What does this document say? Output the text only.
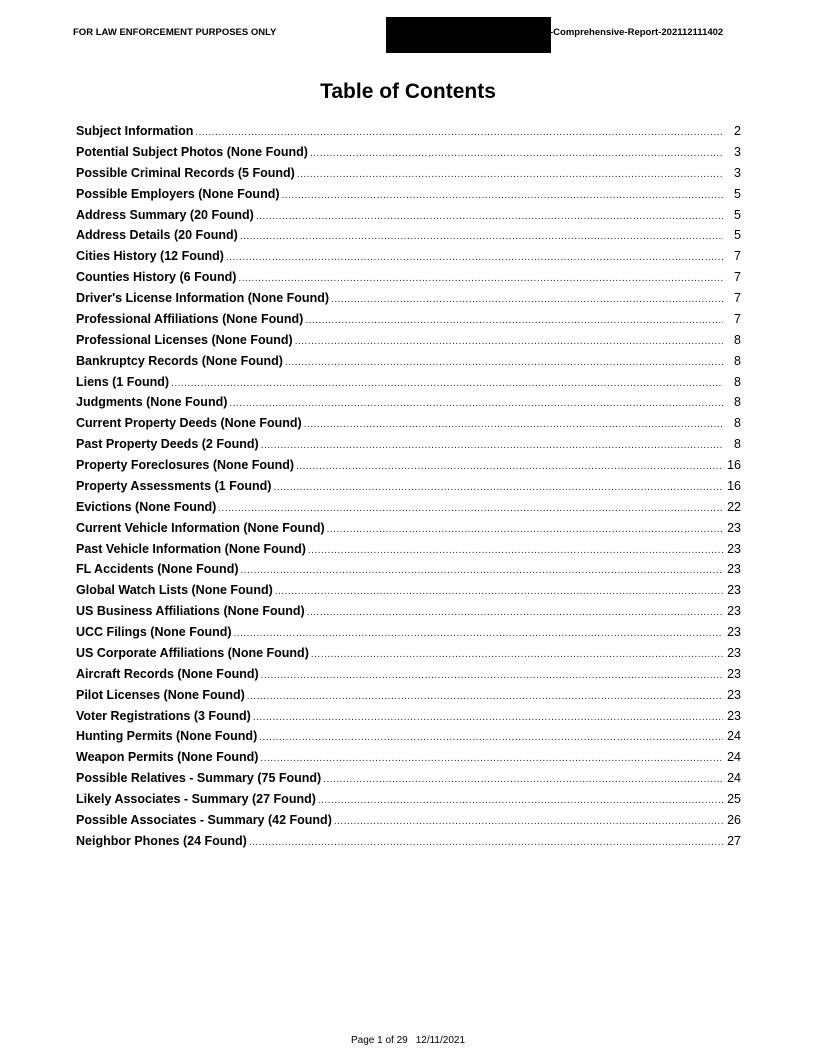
FOR LAW ENFORCEMENT PURPOSES ONLY	-Comprehensive-Report-202112111402
Table of Contents
Subject Information .....	2
Potential Subject Photos (None Found) .....	3
Possible Criminal Records (5 Found) .....	3
Possible Employers (None Found) .....	5
Address Summary (20 Found) .....	5
Address Details (20 Found) .....	5
Cities History (12 Found) .....	7
Counties History (6 Found) .....	7
Driver's License Information (None Found) .....	7
Professional Affiliations (None Found) .....	7
Professional Licenses (None Found) .....	8
Bankruptcy Records (None Found) .....	8
Liens (1 Found) .....	8
Judgments (None Found) .....	8
Current Property Deeds (None Found) .....	8
Past Property Deeds (2 Found) .....	8
Property Foreclosures (None Found) .....	16
Property Assessments (1 Found) .....	16
Evictions (None Found) .....	22
Current Vehicle Information (None Found) .....	23
Past Vehicle Information (None Found) .....	23
FL Accidents (None Found) .....	23
Global Watch Lists (None Found) .....	23
US Business Affiliations (None Found) .....	23
UCC Filings (None Found) .....	23
US Corporate Affiliations (None Found) .....	23
Aircraft Records (None Found) .....	23
Pilot Licenses (None Found) .....	23
Voter Registrations (3 Found) .....	23
Hunting Permits (None Found) .....	24
Weapon Permits (None Found) .....	24
Possible Relatives - Summary (75 Found) .....	24
Likely Associates - Summary (27 Found) .....	25
Possible Associates - Summary (42 Found) .....	26
Neighbor Phones (24 Found) .....	27
Page 1 of 29 12/11/2021
